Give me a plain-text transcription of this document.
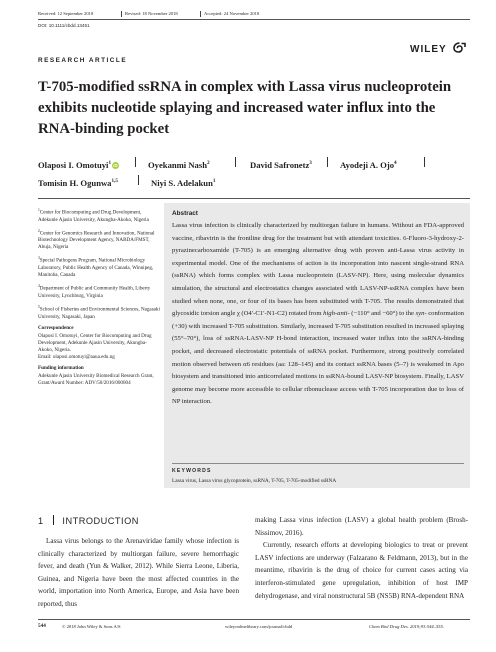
Received: 12 September 2018	Revised: 18 November 2018	Accepted: 24 November 2018
DOI: 10.1111/cbdd.13451
RESEARCH ARTICLE
WILEY
T-705-modified ssRNA in complex with Lassa virus nucleoprotein exhibits nucleotide splaying and increased water influx into the RNA-binding pocket
Olaposi I. Omotuyi$^1$ iD	Oyekanmi Nash$^2$	David Safronetz$^3$	Ayodeji A. Ojo$^4$
Tomisin H. Ogunwa$^{1,5}$	Niyi S. Adelakun$^1$

$^1$Center for Biocomputing and Drug Development, Adekunle Ajasin University, Akungba-Akoko, Nigeria

$^2$Center for Genomics Research and Innovation, National Biotechnology Development Agency, NABDA/FMST, Abuja, Nigeria

$^3$Special Pathogens Program, National Microbiology Laboratory, Public Health Agency of Canada, Winnipeg, Manitoba, Canada

$^4$Department of Public and Community Health, Liberty University, Lynchburg, Virginia

$^5$School of Fisheries and Environmental Sciences, Nagasaki University, Nagasaki, Japan

Correspondence
Olaposi I. Omotuyi, Center for Biocomputing and Drug Development, Adekunle Ajasin University, Akungba-Akoko, Nigeria.
Email: olaposi.omotuyi@aaua.edu.ng
Funding information
Adekunle Ajasin University Biomedical Research Grant, Grant/Award Number: ADV/50/2016/000004
Abstract
Lassa virus infection is clinically characterized by multiorgan failure in humans. Without an FDA-approved vaccine, ribavirin is the frontline drug for the treatment but with attendant toxicities. 6-Fluoro-3-hydroxy-2-pyrazinecarboxamide (T-705) is an emerging alternative drug with proven anti-Lassa virus activity in experimental model. One of the mechanisms of action is its incorporation into nascent single-strand RNA (ssRNA) which forms complex with Lassa nucleoprotein (LASV-NP). Here, using molecular dynamics simulation, the structural and electrostatics changes associated with LASV-NP-ssRNA complex have been studied when none, one, or four of its bases has been substituted with T-705. The results demonstrated that glycosidic torsion angle χ (O4′-C1′-N1-C2) rotated from high-anti- (−110° and −60°) to the syn- conformation (+30) with increased T-705 substitution. Similarly, increased T-705 substitution resulted in increased splaying (55°–70°), loss of ssRNA-LASV-NP H-bond interaction, increased water influx into the ssRNA-binding pocket, and decreased electrostatic potentials of ssRNA pocket. Furthermore, strong positively correlated motion observed between α6 residues (aa: 128–145) and its contact ssRNA bases (5–7) is weakened in Apo biosystem and transitioned into anticorrelated motions in ssRNA-bound LASV-NP biosystem. Finally, LASV genome may become more accessible to cellular ribonuclease access with T-705 incorporation due to loss of NP interaction.
KEYWORDS
Lassa virus, Lassa virus glycoprotein, ssRNA, T-705, T-705-modified ssRNA
1 INTRODUCTION

Lassa virus belongs to the Arenaviridae family whose infection is clinically characterized by multiorgan failure, severe hemorrhagic fever, and death (Yun & Walker, 2012). While Sierra Leone, Liberia, Guinea, and Nigeria have been the most affected countries in the world, importation into North America, Europe, and Asia have been reported, thus

making Lassa virus infection (LASV) a global health problem (Brosh-Nissimov, 2016).

Currently, research efforts at developing biologics to treat or prevent LASV infections are underway (Falzarano & Feldmann, 2013), but in the meantime, ribavirin is the drug of choice for current cases acting via interferon-stimulated gene upregulation, inhibition of host IMP dehydrogenase, and viral nonstructural 5B (NS5B) RNA-dependent RNA

544	© 2018 John Wiley & Sons A/S	wileyonlinelibrary.com/journal/cbdd	Chem Biol Drug Des. 2019;93:544–555.
